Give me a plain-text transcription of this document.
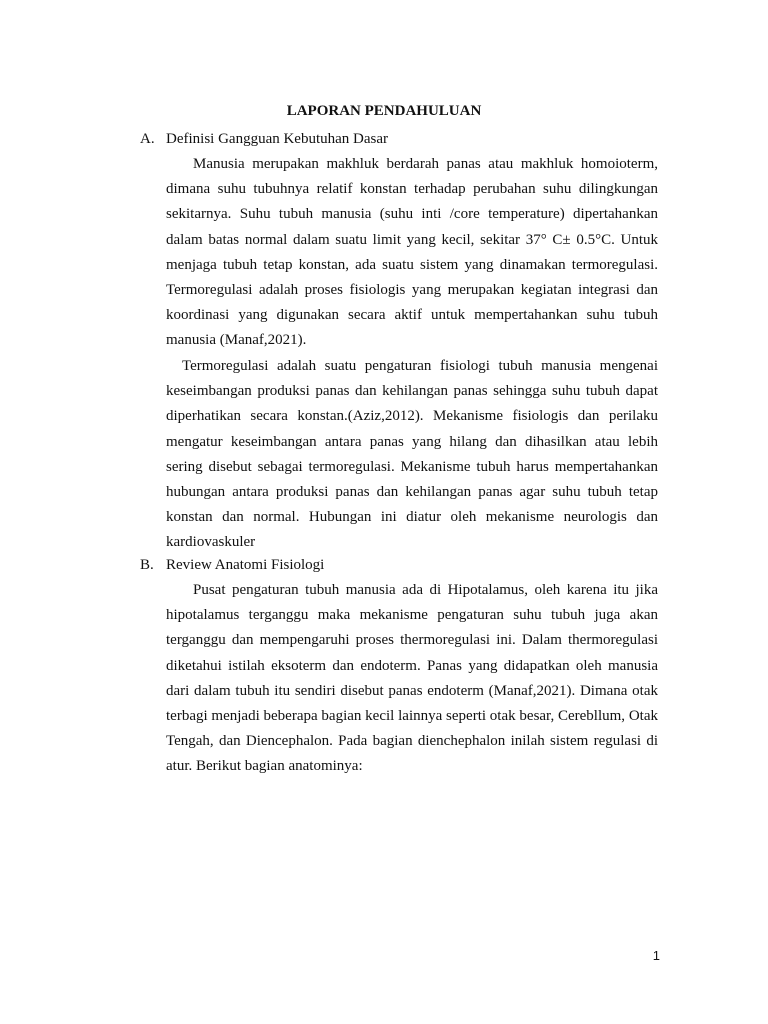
LAPORAN PENDAHULUAN
A. Definisi Gangguan Kebutuhan Dasar
Manusia merupakan makhluk berdarah panas atau makhluk homoioterm, dimana suhu tubuhnya relatif konstan terhadap perubahan suhu dilingkungan sekitarnya. Suhu tubuh manusia (suhu inti /core temperature) dipertahankan dalam batas normal dalam suatu limit yang kecil, sekitar 37° C± 0.5°C. Untuk menjaga tubuh tetap konstan, ada suatu sistem yang dinamakan termoregulasi. Termoregulasi adalah proses fisiologis yang merupakan kegiatan integrasi dan koordinasi yang digunakan secara aktif untuk mempertahankan suhu tubuh manusia (Manaf,2021).
Termoregulasi adalah suatu pengaturan fisiologi tubuh manusia mengenai keseimbangan produksi panas dan kehilangan panas sehingga suhu tubuh dapat diperhatikan secara konstan.(Aziz,2012). Mekanisme fisiologis dan perilaku mengatur keseimbangan antara panas yang hilang dan dihasilkan atau lebih sering disebut sebagai termoregulasi. Mekanisme tubuh harus mempertahankan hubungan antara produksi panas dan kehilangan panas agar suhu tubuh tetap konstan dan normal. Hubungan ini diatur oleh mekanisme neurologis dan kardiovaskuler
B. Review Anatomi Fisiologi
Pusat pengaturan tubuh manusia ada di Hipotalamus, oleh karena itu jika hipotalamus terganggu maka mekanisme pengaturan suhu tubuh juga akan terganggu dan mempengaruhi proses thermoregulasi ini. Dalam thermoregulasi diketahui istilah eksoterm dan endoterm. Panas yang didapatkan oleh manusia dari dalam tubuh itu sendiri disebut panas endoterm (Manaf,2021). Dimana otak terbagi menjadi beberapa bagian kecil lainnya seperti otak besar, Cerebllum, Otak Tengah, dan Diencephalon. Pada bagian dienchephalon inilah sistem regulasi di atur. Berikut bagian anatominya:
1
